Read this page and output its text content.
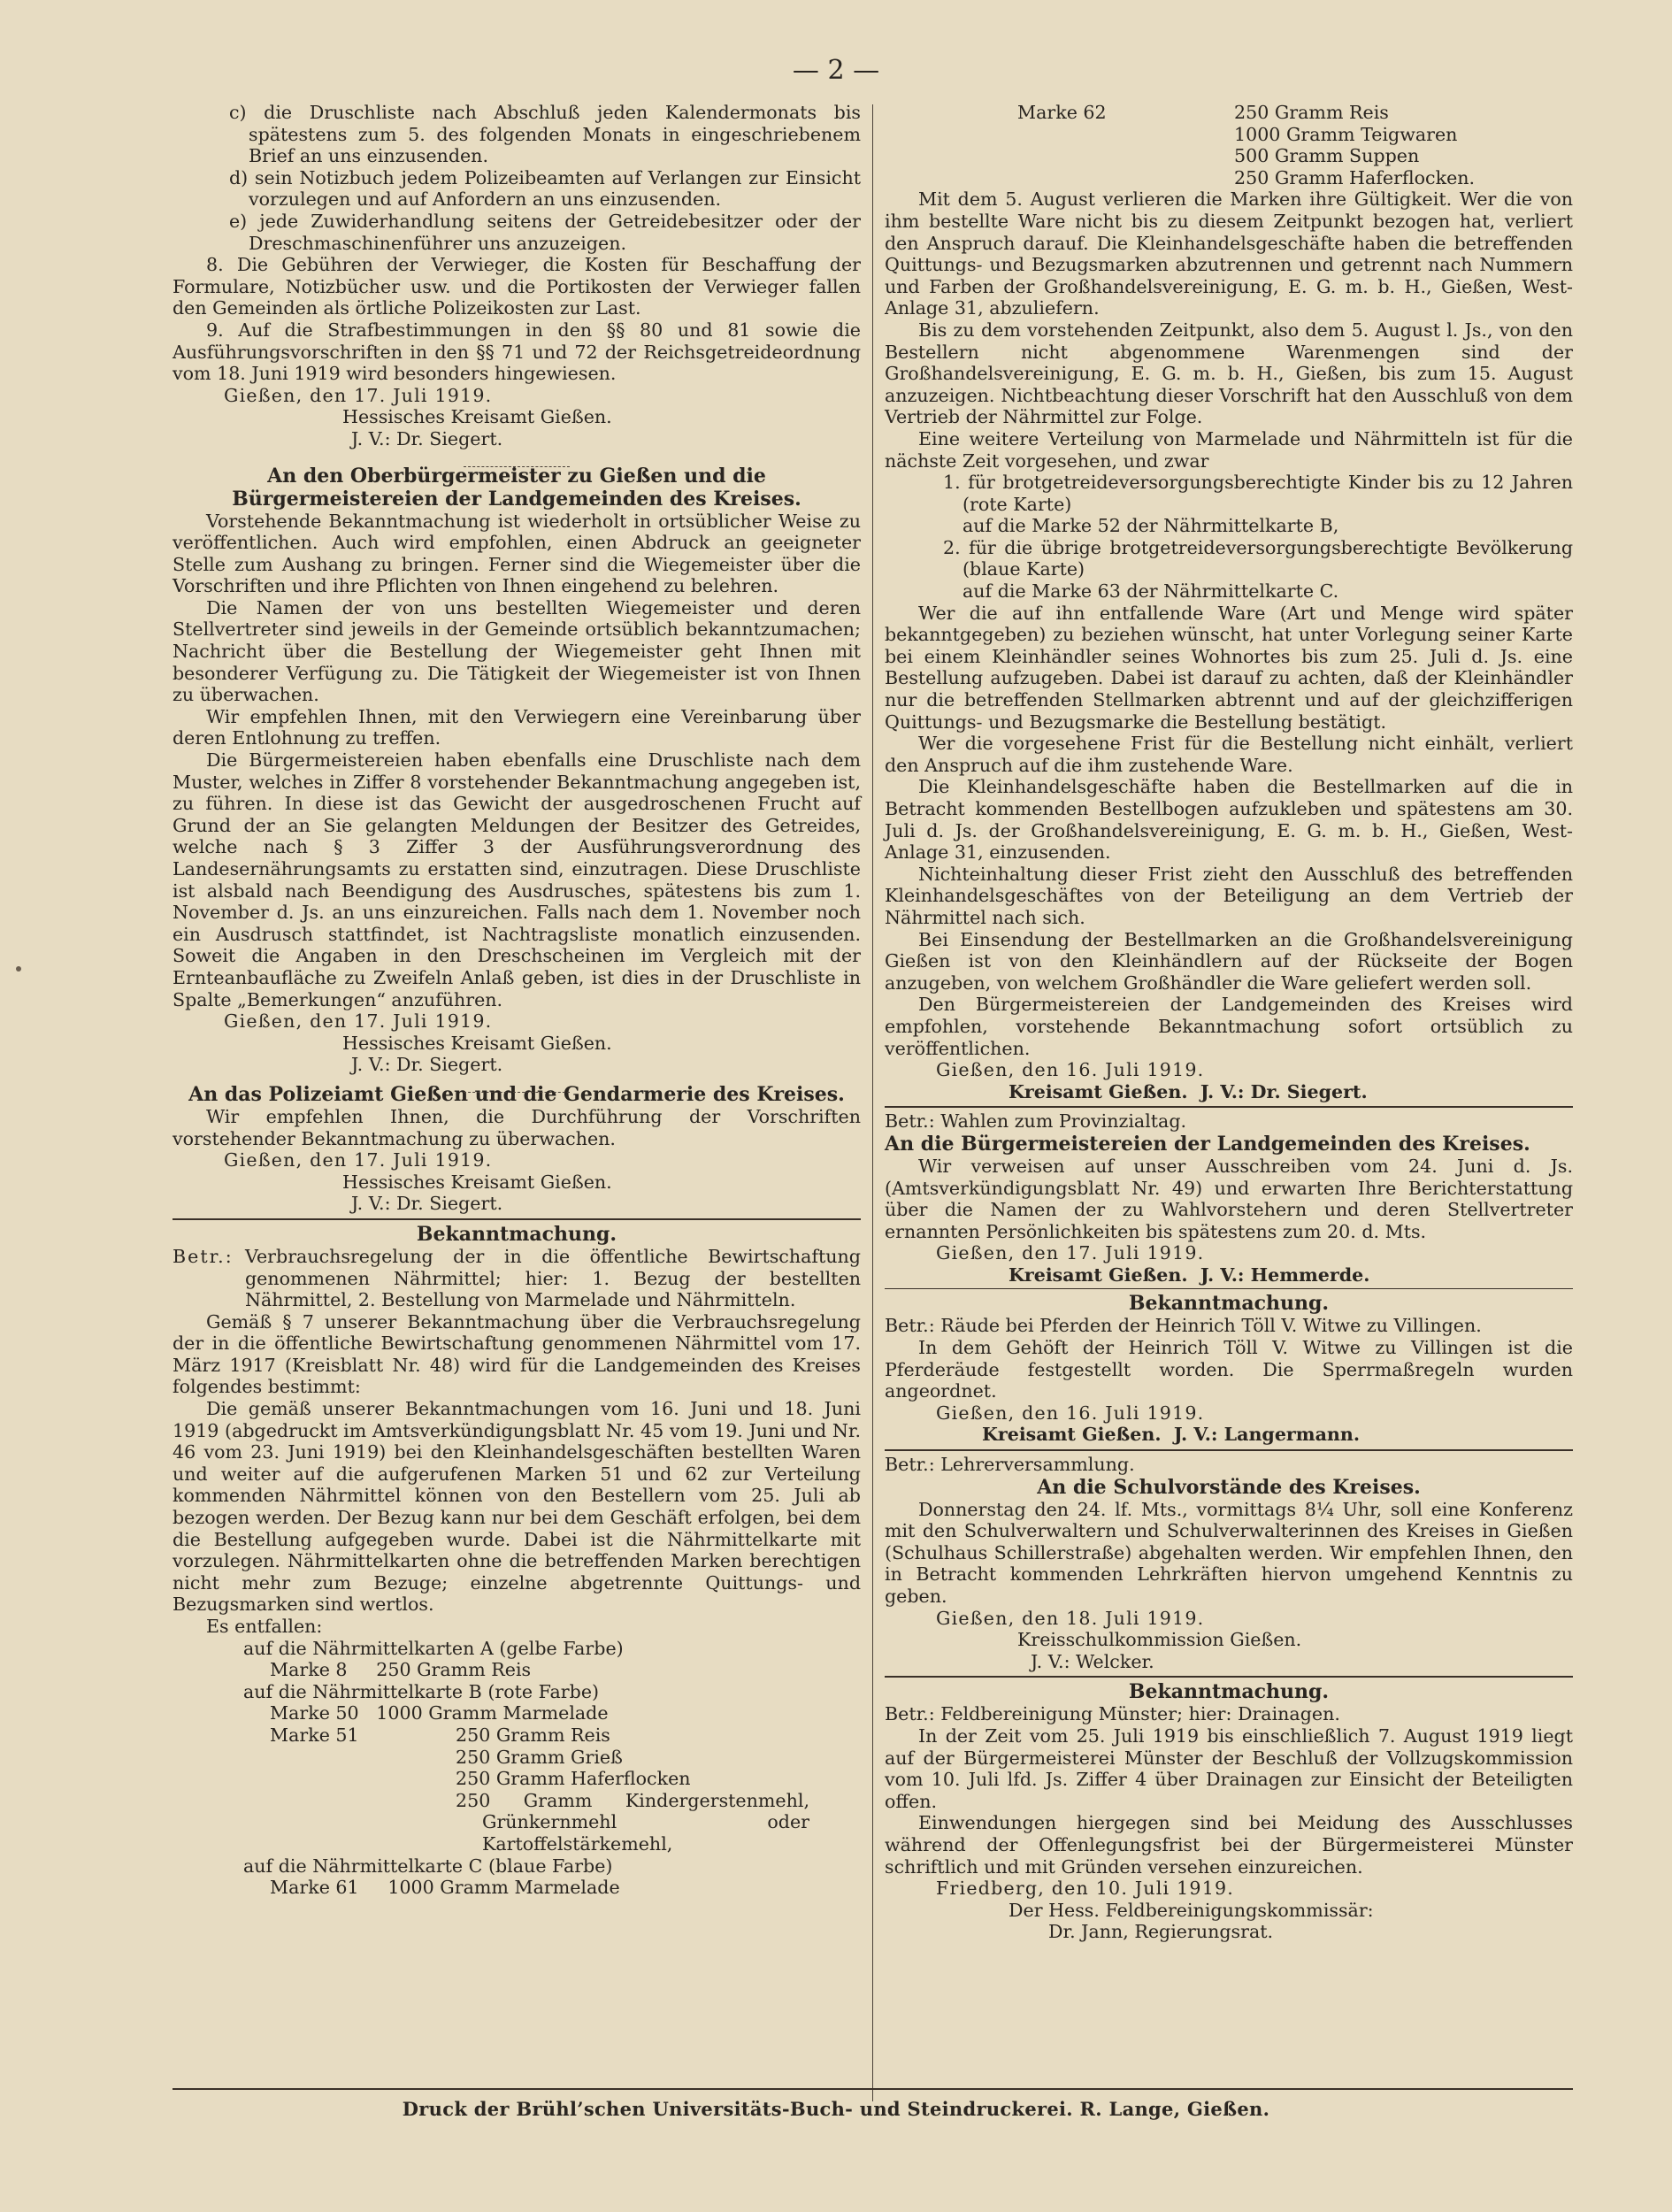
— 2 —

c) die Druschliste nach Abschluß jeden Kalendermonats bis spätestens zum 5. des folgenden Monats in eingeschriebenem Brief an uns einzusenden.

d) sein Notizbuch jedem Polizeibeamten auf Verlangen zur Einsicht vorzulegen und auf Anfordern an uns einzusenden.

e) jede Zuwiderhandlung seitens der Getreidebesitzer oder der Dreschmaschinenführer uns anzuzeigen.

8. Die Gebühren der Verwieger, die Kosten für Beschaffung der Formulare, Notizbücher usw. und die Portikosten der Verwieger fallen den Gemeinden als örtliche Polizeikosten zur Last.

9. Auf die Strafbestimmungen in den §§ 80 und 81 sowie die Ausführungsvorschriften in den §§ 71 und 72 der Reichsgetreideordnung vom 18. Juni 1919 wird besonders hingewiesen.

Gießen, den 17. Juli 1919.

Hessisches Kreisamt Gießen.

J. V.: Dr. Siegert.

An den Oberbürgermeister zu Gießen und die Bürgermeistereien der Landgemeinden des Kreises.

Vorstehende Bekanntmachung ist wiederholt in ortsüblicher Weise zu veröffentlichen. Auch wird empfohlen, einen Abdruck an geeigneter Stelle zum Aushang zu bringen. Ferner sind die Wiegemeister über die Vorschriften und ihre Pflichten von Ihnen eingehend zu belehren.

Die Namen der von uns bestellten Wiegemeister und deren Stellvertreter sind jeweils in der Gemeinde ortsüblich bekanntzumachen; Nachricht über die Bestellung der Wiegemeister geht Ihnen mit besonderer Verfügung zu. Die Tätigkeit der Wiegemeister ist von Ihnen zu überwachen.

Wir empfehlen Ihnen, mit den Verwiegern eine Vereinbarung über deren Entlohnung zu treffen.

Die Bürgermeistereien haben ebenfalls eine Druschliste nach dem Muster, welches in Ziffer 8 vorstehender Bekanntmachung angegeben ist, zu führen. In diese ist das Gewicht der ausgedroschenen Frucht auf Grund der an Sie gelangten Meldungen der Besitzer des Getreides, welche nach § 3 Ziffer 3 der Ausführungsverordnung des Landesernährungsamts zu erstatten sind, einzutragen. Diese Druschliste ist alsbald nach Beendigung des Ausdrusches, spätestens bis zum 1. November d. Js. an uns einzureichen. Falls nach dem 1. November noch ein Ausdrusch stattfindet, ist Nachtragsliste monatlich einzusenden. Soweit die Angaben in den Dreschscheinen im Vergleich mit der Ernteanbaufläche zu Zweifeln Anlaß geben, ist dies in der Druschliste in Spalte „Bemerkungen“ anzuführen.

Gießen, den 17. Juli 1919.

Hessisches Kreisamt Gießen.

J. V.: Dr. Siegert.

An das Polizeiamt Gießen und die Gendarmerie des Kreises.

Wir empfehlen Ihnen, die Durchführung der Vorschriften vorstehender Bekanntmachung zu überwachen.

Gießen, den 17. Juli 1919.

Hessisches Kreisamt Gießen.

J. V.: Dr. Siegert.

Bekanntmachung.

Betr.: Verbrauchsregelung der in die öffentliche Bewirtschaftung genommenen Nährmittel; hier: 1. Bezug der bestellten Nährmittel, 2. Bestellung von Marmelade und Nährmitteln.

Gemäß § 7 unserer Bekanntmachung über die Verbrauchsregelung der in die öffentliche Bewirtschaftung genommenen Nährmittel vom 17. März 1917 (Kreisblatt Nr. 48) wird für die Landgemeinden des Kreises folgendes bestimmt:

Die gemäß unserer Bekanntmachungen vom 16. Juni und 18. Juni 1919 (abgedruckt im Amtsverkündigungsblatt Nr. 45 vom 19. Juni und Nr. 46 vom 23. Juni 1919) bei den Kleinhandelsgeschäften bestellten Waren und weiter auf die aufgerufenen Marken 51 und 62 zur Verteilung kommenden Nährmittel können von den Bestellern vom 25. Juli ab bezogen werden. Der Bezug kann nur bei dem Geschäft erfolgen, bei dem die Bestellung aufgegeben wurde. Dabei ist die Nährmittelkarte mit vorzulegen. Nährmittelkarten ohne die betreffenden Marken berechtigen nicht mehr zum Bezuge; einzelne abgetrennte Quittungs- und Bezugsmarken sind wertlos.

Es entfallen:

auf die Nährmittelkarten A (gelbe Farbe)

Marke 8     250 Gramm Reis

auf die Nährmittelkarte B (rote Farbe)

Marke 50   1000 Gramm Marmelade

Marke 51	250 Gramm Reis

250 Gramm Grieß

250 Gramm Haferflocken

250 Gramm Kindergerstenmehl, Grünkernmehl oder Kartoffelstärkemehl,

auf die Nährmittelkarte C (blaue Farbe)

Marke 61     1000 Gramm Marmelade

Marke 62	250 Gramm Reis

1000 Gramm Teigwaren

500 Gramm Suppen

250 Gramm Haferflocken.

Mit dem 5. August verlieren die Marken ihre Gültigkeit. Wer die von ihm bestellte Ware nicht bis zu diesem Zeitpunkt bezogen hat, verliert den Anspruch darauf. Die Kleinhandelsgeschäfte haben die betreffenden Quittungs- und Bezugsmarken abzutrennen und getrennt nach Nummern und Farben der Großhandelsvereinigung, E. G. m. b. H., Gießen, West-Anlage 31, abzuliefern.

Bis zu dem vorstehenden Zeitpunkt, also dem 5. August l. Js., von den Bestellern nicht abgenommene Warenmengen sind der Großhandelsvereinigung, E. G. m. b. H., Gießen, bis zum 15. August anzuzeigen. Nichtbeachtung dieser Vorschrift hat den Ausschluß von dem Vertrieb der Nährmittel zur Folge.

Eine weitere Verteilung von Marmelade und Nährmitteln ist für die nächste Zeit vorgesehen, und zwar

1. für brotgetreideversorgungsberechtigte Kinder bis zu 12 Jahren (rote Karte)

auf die Marke 52 der Nährmittelkarte B,

2. für die übrige brotgetreideversorgungsberechtigte Bevölkerung (blaue Karte)

auf die Marke 63 der Nährmittelkarte C.

Wer die auf ihn entfallende Ware (Art und Menge wird später bekanntgegeben) zu beziehen wünscht, hat unter Vorlegung seiner Karte bei einem Kleinhändler seines Wohnortes bis zum 25. Juli d. Js. eine Bestellung aufzugeben. Dabei ist darauf zu achten, daß der Kleinhändler nur die betreffenden Stellmarken abtrennt und auf der gleichzifferigen Quittungs- und Bezugsmarke die Bestellung bestätigt.

Wer die vorgesehene Frist für die Bestellung nicht einhält, verliert den Anspruch auf die ihm zustehende Ware.

Die Kleinhandelsgeschäfte haben die Bestellmarken auf die in Betracht kommenden Bestellbogen aufzukleben und spätestens am 30. Juli d. Js. der Großhandelsvereinigung, E. G. m. b. H., Gießen, West-Anlage 31, einzusenden.

Nichteinhaltung dieser Frist zieht den Ausschluß des betreffenden Kleinhandelsgeschäftes von der Beteiligung an dem Vertrieb der Nährmittel nach sich.

Bei Einsendung der Bestellmarken an die Großhandelsvereinigung Gießen ist von den Kleinhändlern auf der Rückseite der Bogen anzugeben, von welchem Großhändler die Ware geliefert werden soll.

Den Bürgermeistereien der Landgemeinden des Kreises wird empfohlen, vorstehende Bekanntmachung sofort ortsüblich zu veröffentlichen.

Gießen, den 16. Juli 1919.

Kreisamt Gießen.  J. V.: Dr. Siegert.

Betr.: Wahlen zum Provinzialtag.

An die Bürgermeistereien der Landgemeinden des Kreises.

Wir verweisen auf unser Ausschreiben vom 24. Juni d. Js. (Amtsverkündigungsblatt Nr. 49) und erwarten Ihre Berichterstattung über die Namen der zu Wahlvorstehern und deren Stellvertreter ernannten Persönlichkeiten bis spätestens zum 20. d. Mts.

Gießen, den 17. Juli 1919.

Kreisamt Gießen.  J. V.: Hemmerde.

Bekanntmachung.

Betr.: Räude bei Pferden der Heinrich Töll V. Witwe zu Villingen.

In dem Gehöft der Heinrich Töll V. Witwe zu Villingen ist die Pferderäude festgestellt worden. Die Sperrmaßregeln wurden angeordnet.

Gießen, den 16. Juli 1919.

Kreisamt Gießen.  J. V.: Langermann.

Betr.: Lehrerversammlung.

An die Schulvorstände des Kreises.

Donnerstag den 24. lf. Mts., vormittags 8¼ Uhr, soll eine Konferenz mit den Schulverwaltern und Schulverwalterinnen des Kreises in Gießen (Schulhaus Schillerstraße) abgehalten werden. Wir empfehlen Ihnen, den in Betracht kommenden Lehrkräften hiervon umgehend Kenntnis zu geben.

Gießen, den 18. Juli 1919.

Kreisschulkommission Gießen.

J. V.: Welcker.

Bekanntmachung.

Betr.: Feldbereinigung Münster; hier: Drainagen.

In der Zeit vom 25. Juli 1919 bis einschließlich 7. August 1919 liegt auf der Bürgermeisterei Münster der Beschluß der Vollzugskommission vom 10. Juli lfd. Js. Ziffer 4 über Drainagen zur Einsicht der Beteiligten offen.

Einwendungen hiergegen sind bei Meidung des Ausschlusses während der Offenlegungsfrist bei der Bürgermeisterei Münster schriftlich und mit Gründen versehen einzureichen.

Friedberg, den 10. Juli 1919.

Der Hess. Feldbereinigungskommissär:

Dr. Jann, Regierungsrat.

Druck der Brühl’schen Universitäts-Buch- und Steindruckerei. R. Lange, Gießen.
